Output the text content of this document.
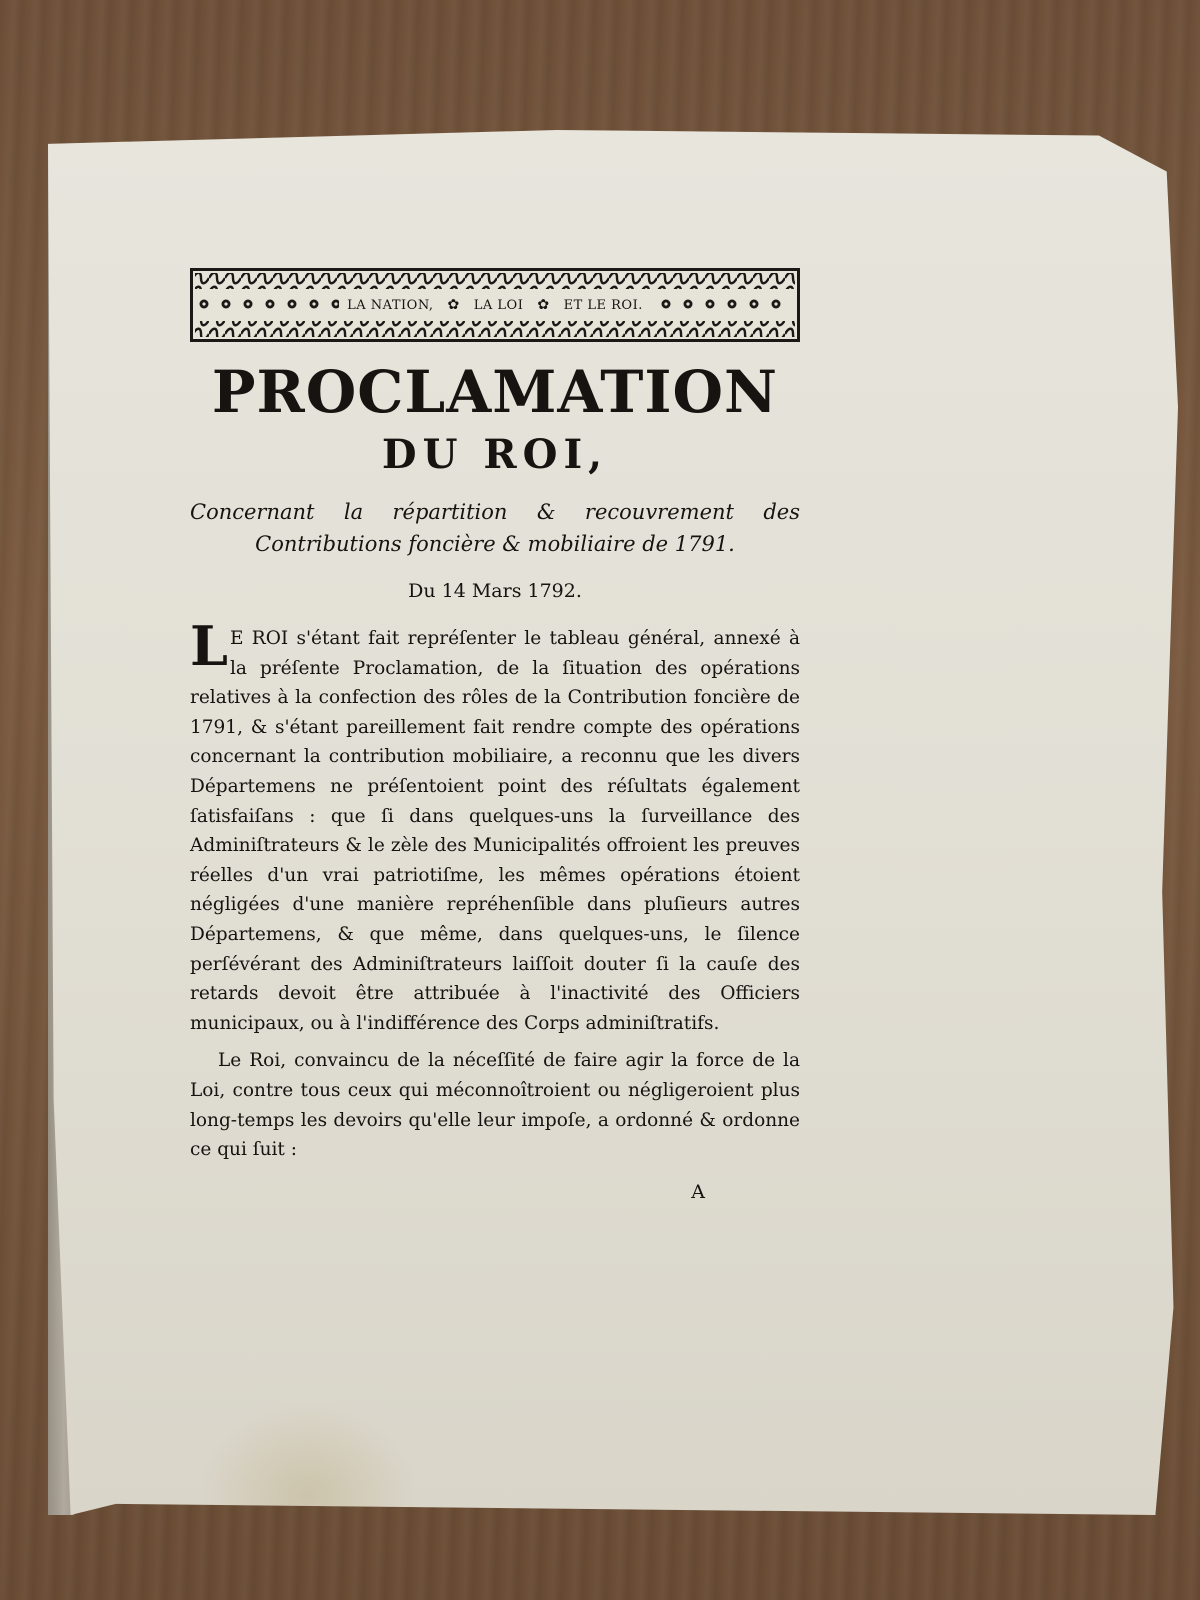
LA NATION, ✿ LA LOI ✿ ET LE ROI.
PROCLAMATION
DU ROI,
Concernant la répartition & recouvrement des Contributions foncière & mobiliaire de 1791.
Du 14 Mars 1792.
L E ROI s'étant fait repréſenter le tableau général, annexé à la préſente Proclamation, de la ſituation des opérations relatives à la confection des rôles de la Contribution foncière de 1791, & s'étant pareillement fait rendre compte des opérations concernant la contribution mobiliaire, a reconnu que les divers Départemens ne préſentoient point des réſultats également ſatisfaiſans : que ſi dans quelques-uns la ſurveillance des Adminiſtrateurs & le zèle des Municipalités offroient les preuves réelles d'un vrai patriotiſme, les mêmes opérations étoient négligées d'une manière repréhenſible dans pluſieurs autres Départemens, & que même, dans quelques-uns, le ſilence perſévérant des Adminiſtrateurs laiſſoit douter ſi la cauſe des retards devoit être attribuée à l'inactivité des Officiers municipaux, ou à l'indifférence des Corps adminiſtratifs.
Le Roi, convaincu de la néceſſité de faire agir la force de la Loi, contre tous ceux qui méconnoîtroient ou négligeroient plus long-temps les devoirs qu'elle leur impoſe, a ordonné & ordonne ce qui ſuit :
A
